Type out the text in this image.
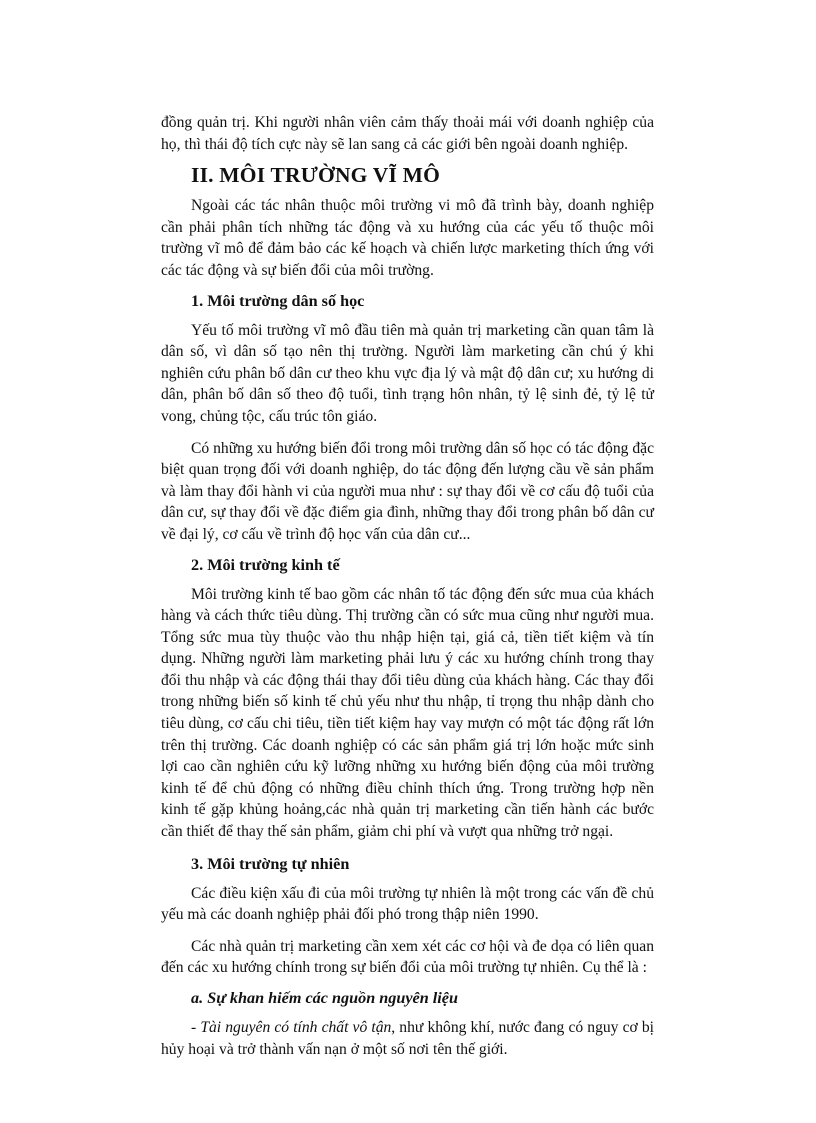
đồng quản trị. Khi người nhân viên cảm thấy thoải mái với doanh nghiệp của họ, thì thái độ tích cực này sẽ lan sang cả các giới bên ngoài doanh nghiệp.

II. MÔI TRƯỜNG VĨ MÔ

Ngoài các tác nhân thuộc môi trường vi mô đã trình bày, doanh nghiệp cần phải phân tích những tác động và xu hướng của các yếu tố thuộc môi trường vĩ mô để đảm bảo các kế hoạch và chiến lược marketing thích ứng với các tác động và sự biến đổi của môi trường.

1. Môi trường dân số học

Yếu tố môi trường vĩ mô đầu tiên mà quản trị marketing cần quan tâm là dân số, vì dân số tạo nên thị trường. Người làm marketing cần chú ý khi nghiên cứu phân bố dân cư theo khu vực địa lý và mật độ dân cư; xu hướng di dân, phân bố dân số theo độ tuổi, tình trạng hôn nhân, tỷ lệ sinh đẻ, tỷ lệ tử vong, chủng tộc, cấu trúc tôn giáo.

Có những xu hướng biến đổi trong môi trường dân số học có tác động đặc biệt quan trọng đối với doanh nghiệp, do tác động đến lượng cầu về sản phẩm và làm thay đổi hành vi của người mua như : sự thay đổi về cơ cấu độ tuổi của dân cư, sự thay đổi về đặc điểm gia đình, những thay đổi trong phân bố dân cư về đại lý, cơ cấu về trình độ học vấn của dân cư...

2. Môi trường kinh tế

Môi trường kinh tế bao gồm các nhân tố tác động đến sức mua của khách hàng và cách thức tiêu dùng. Thị trường cần có sức mua cũng như người mua. Tổng sức mua tùy thuộc vào thu nhập hiện tại, giá cả, tiền tiết kiệm và tín dụng. Những người làm marketing phải lưu ý các xu hướng chính trong thay đổi thu nhập và các động thái thay đổi tiêu dùng của khách hàng. Các thay đổi trong những biến số kinh tế chủ yếu như thu nhập, tỉ trọng thu nhập dành cho tiêu dùng, cơ cấu chi tiêu, tiền tiết kiệm hay vay mượn có một tác động rất lớn trên thị trường. Các doanh nghiệp có các sản phẩm giá trị lớn hoặc mức sinh lợi cao cần nghiên cứu kỹ lưỡng những xu hướng biến động của môi trường kinh tế để chủ động có những điều chỉnh thích ứng. Trong trường hợp nền kinh tế gặp khủng hoảng,các nhà quản trị marketing cần tiến hành các bước cần thiết để thay thế sản phẩm, giảm chi phí và vượt qua những trở ngại.

3. Môi trường tự nhiên

Các điều kiện xấu đi của môi trường tự nhiên là một trong các vấn đề chủ yếu mà các doanh nghiệp phải đối phó trong thập niên 1990.

Các nhà quản trị marketing cần xem xét các cơ hội và đe dọa có liên quan đến các xu hướng chính trong sự biến đổi của môi trường tự nhiên. Cụ thể là :

a. Sự khan hiếm các nguồn nguyên liệu

- Tài nguyên có tính chất vô tận, như không khí, nước đang có nguy cơ bị hủy hoại và trở thành vấn nạn ở một số nơi tên thế giới.
